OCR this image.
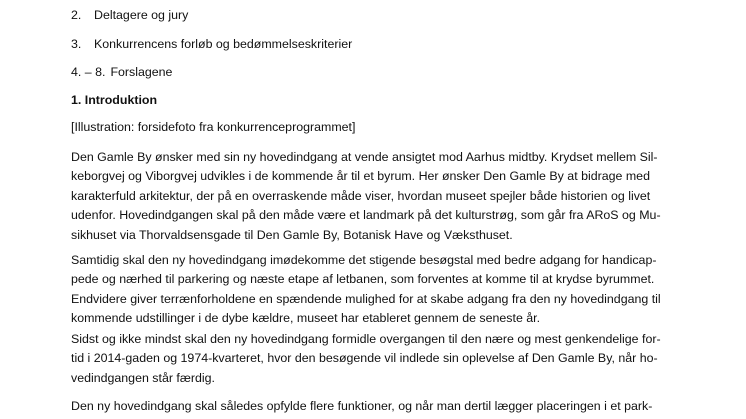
2. Deltagere og jury
3. Konkurrencens forløb og bedømmelseskriterier
4. – 8. Forslagene
1. Introduktion
[Illustration: forsidefoto fra konkurrenceprogrammet]
Den Gamle By ønsker med sin ny hovedindgang at vende ansigtet mod Aarhus midtby. Krydset mellem Sil-
keborgvej og Viborgvej udvikles i de kommende år til et byrum. Her ønsker Den Gamle By at bidrage med
karakterfuld arkitektur, der på en overraskende måde viser, hvordan museet spejler både historien og livet
udenfor. Hovedindgangen skal på den måde være et landmark på det kulturstrøg, som går fra ARoS og Mu-
sikhuset via Thorvaldsensgade til Den Gamle By, Botanisk Have og Væksthuset.
Samtidig skal den ny hovedindgang imødekomme det stigende besøgstal med bedre adgang for handicap-
pede og nærhed til parkering og næste etape af letbanen, som forventes at komme til at krydse byrummet.
Endvidere giver terrænforholdene en spændende mulighed for at skabe adgang fra den ny hovedindgang til
kommende udstillinger i de dybe kældre, museet har etableret gennem de seneste år.
Sidst og ikke mindst skal den ny hovedindgang formidle overgangen til den nære og mest genkendelige for-
tid i 2014-gaden og 1974-kvarteret, hvor den besøgende vil indlede sin oplevelse af Den Gamle By, når ho-
vedindgangen står færdig.
Den ny hovedindgang skal således opfylde flere funktioner, og når man dertil lægger placeringen i et park-
